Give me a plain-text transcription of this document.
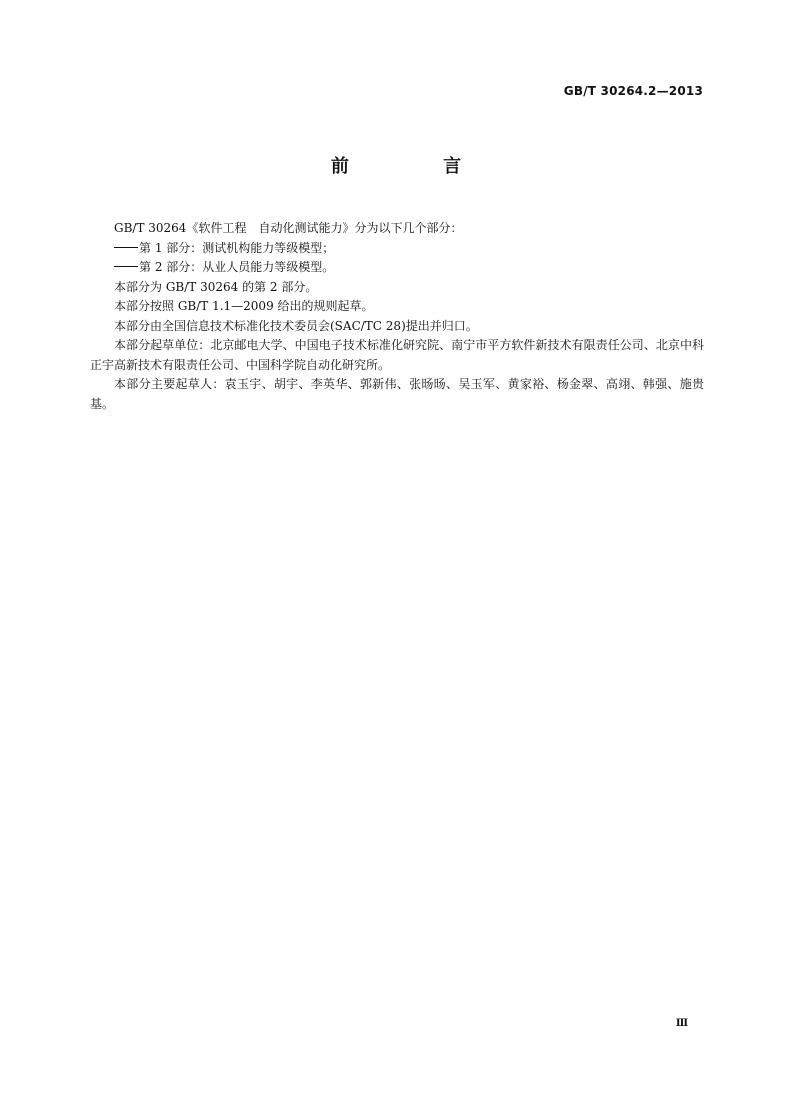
GB/T 30264.2—2013
前 言

GB/T 30264《软件工程　自动化测试能力》分为以下几个部分：

第 1 部分：测试机构能力等级模型；

第 2 部分：从业人员能力等级模型。

本部分为 GB/T 30264 的第 2 部分。

本部分按照 GB/T 1.1—2009 给出的规则起草。

本部分由全国信息技术标准化技术委员会(SAC/TC 28)提出并归口。

本部分起草单位：北京邮电大学、中国电子技术标准化研究院、南宁市平方软件新技术有限责任公司、北京中科正宇高新技术有限责任公司、中国科学院自动化研究所。

本部分主要起草人：袁玉宇、胡宇、李英华、郭新伟、张旸旸、吴玉军、黄家裕、杨金翠、高翊、韩强、施贵基。

Ⅲ
